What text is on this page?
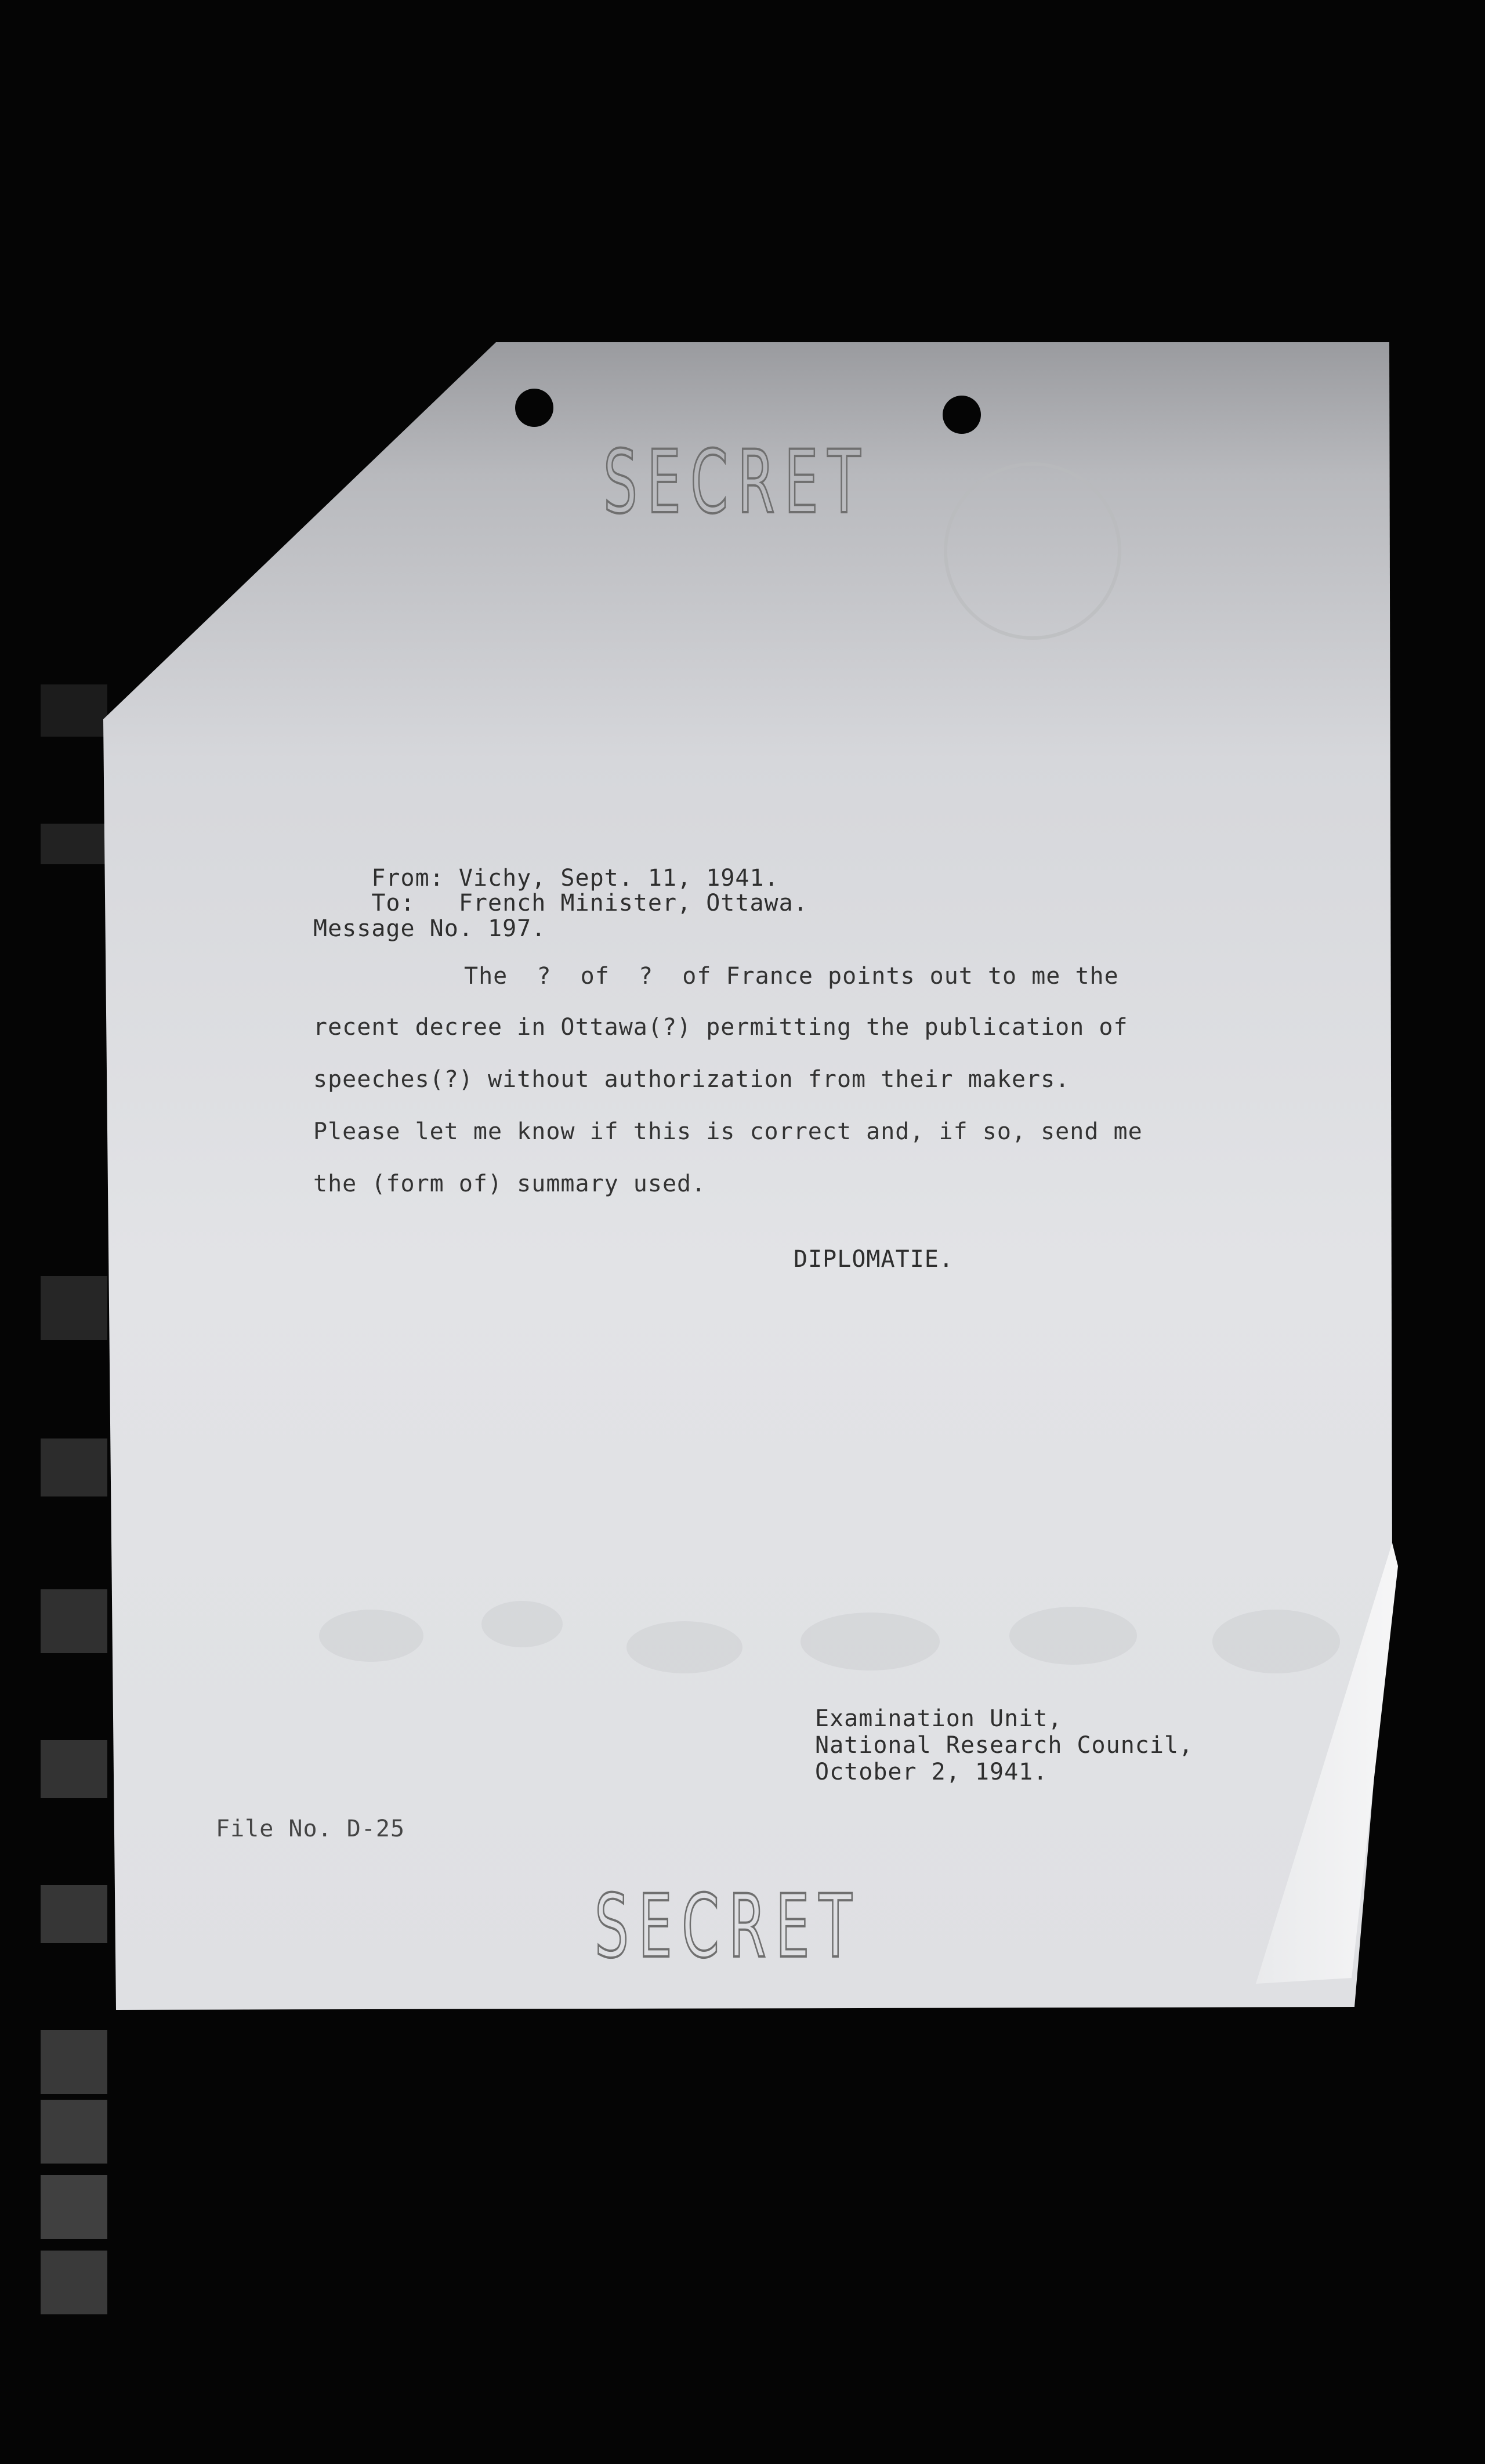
SECRET

From: Vichy, Sept. 11, 1941.

To: French Minister, Ottawa.

Message No. 197.
The  ?  of  ?  of France points out to me the
recent decree in Ottawa(?) permitting the publication of
speeches(?) without authorization from their makers.
Please let me know if this is correct and, if so, send me
the (form of) summary used.
DIPLOMATIE.
Examination Unit,
National Research Council,
October 2, 1941.
File No. D-25
SECRET
